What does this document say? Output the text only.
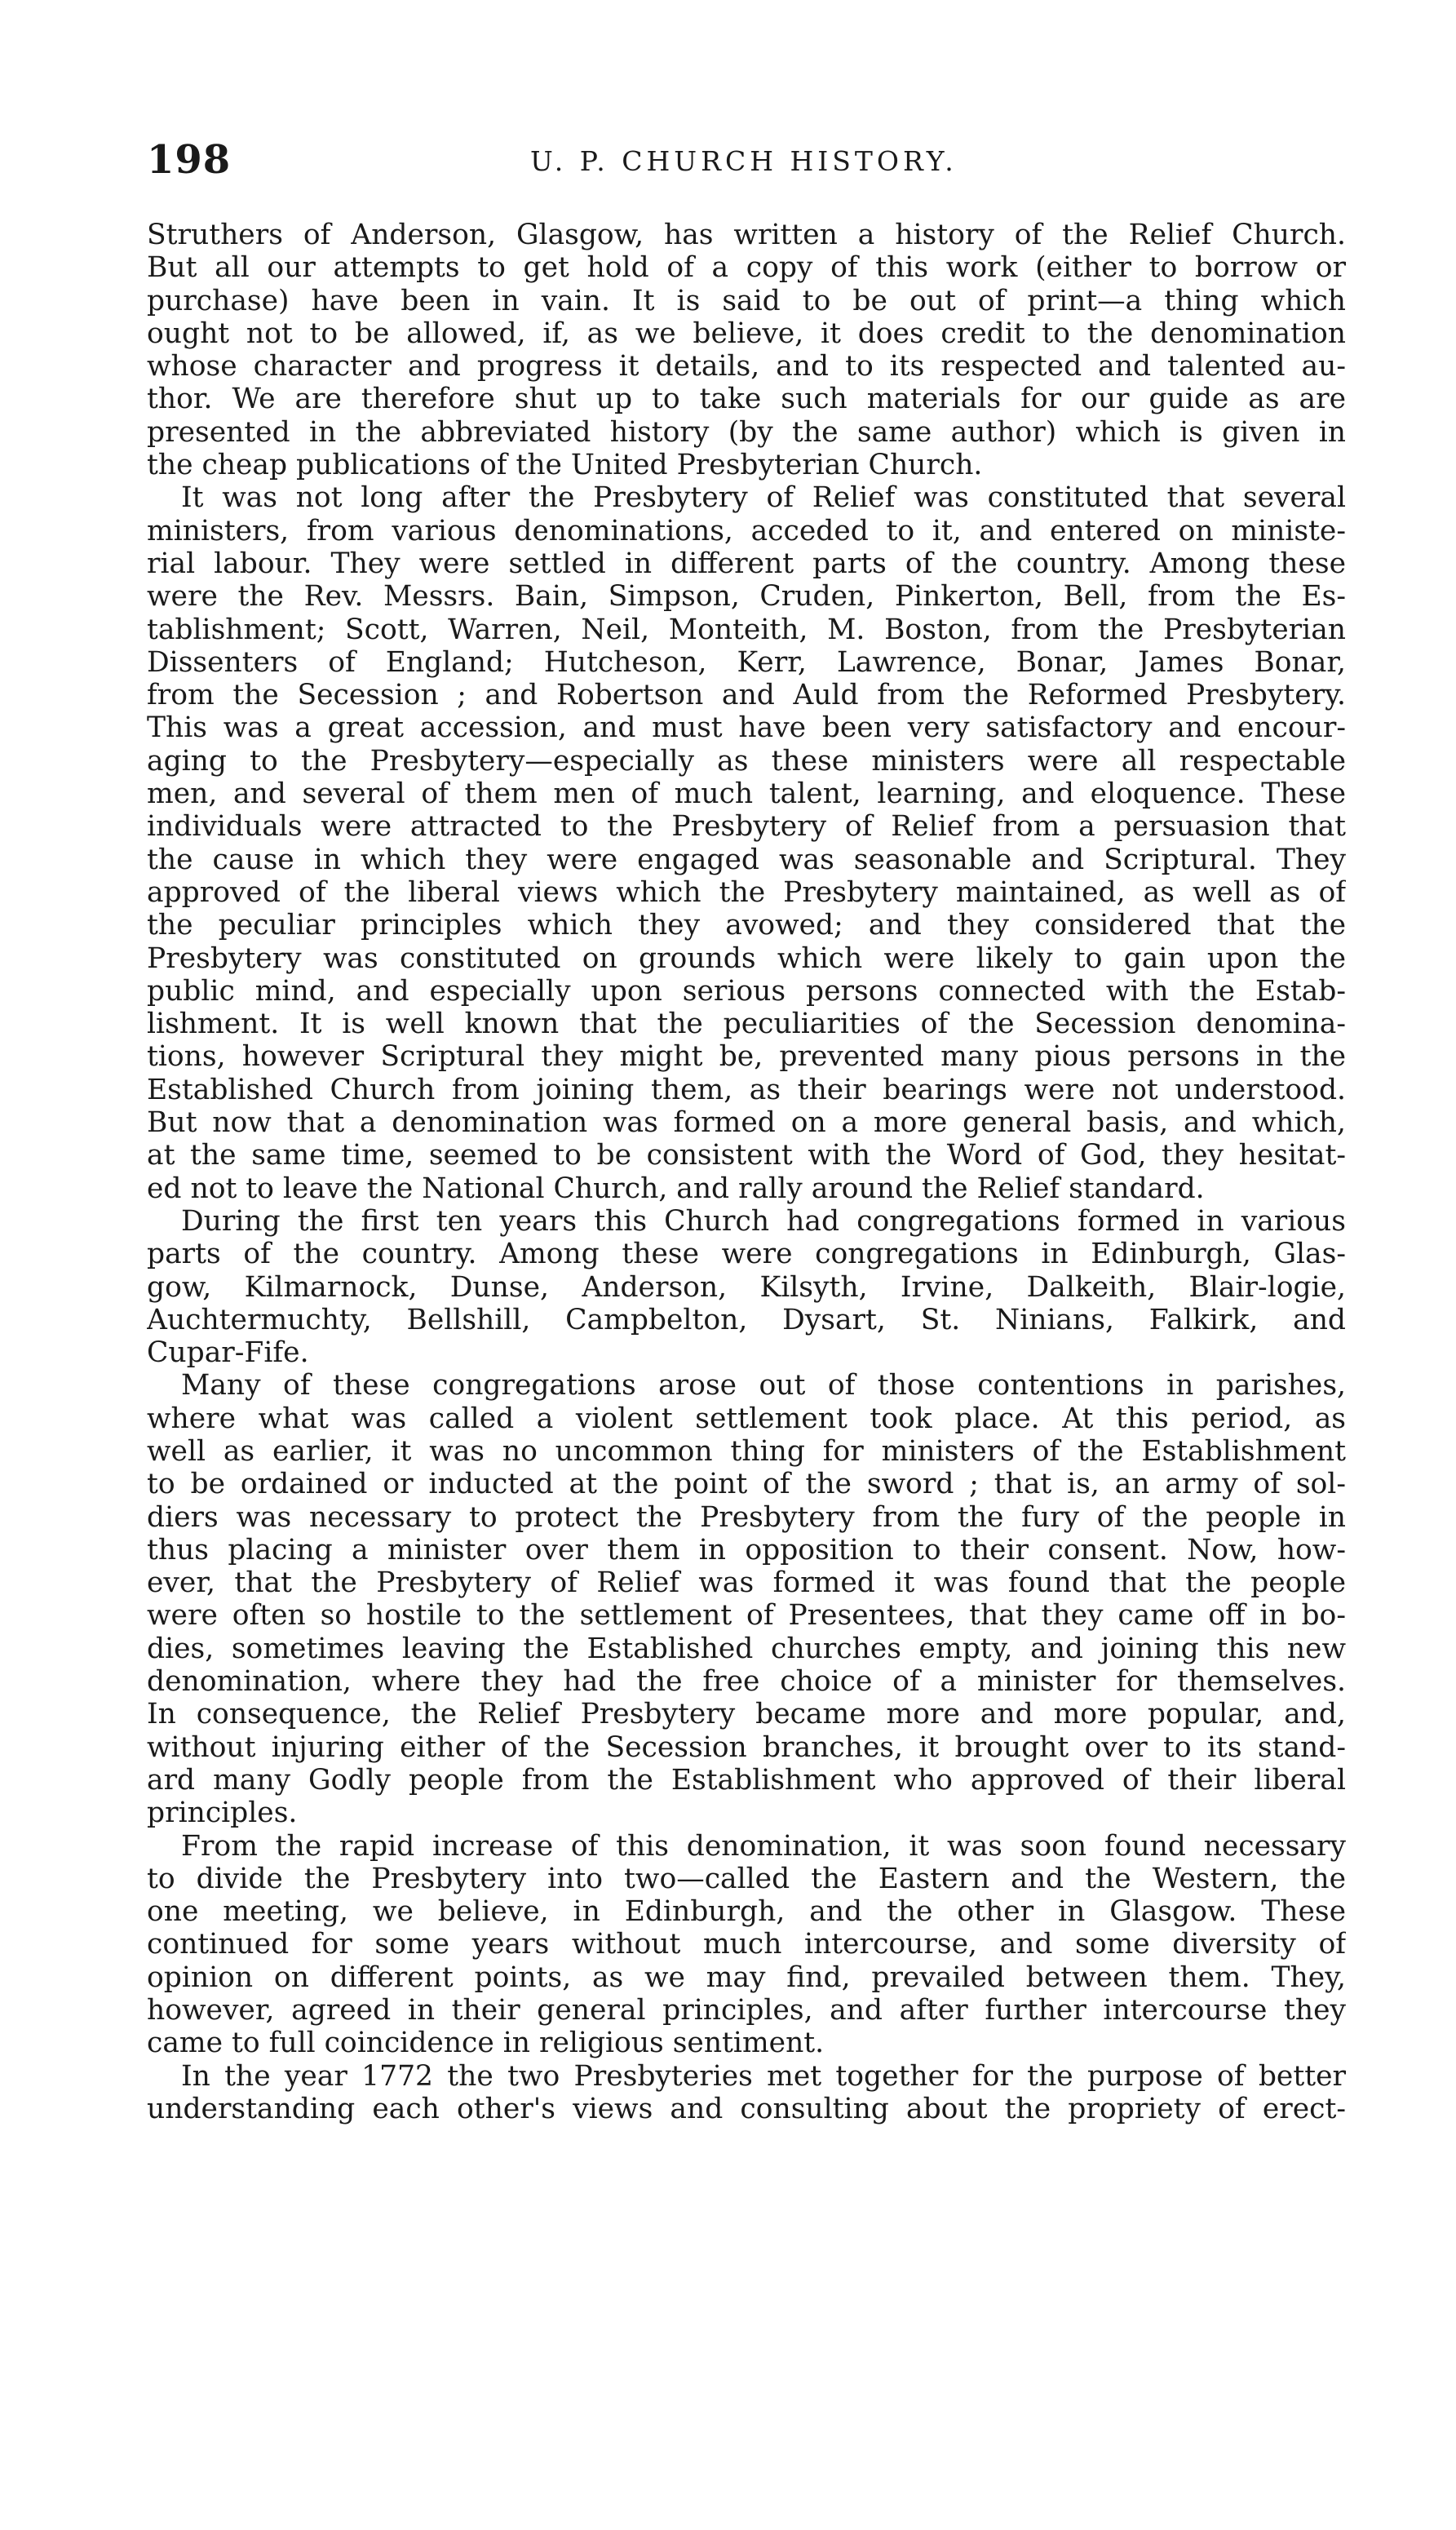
198	U. P. CHURCH HISTORY.
Struthers of Anderson, Glasgow, has written a history of the Relief Church.
But all our attempts to get hold of a copy of this work (either to borrow or
purchase) have been in vain. It is said to be out of print—a thing which
ought not to be allowed, if, as we believe, it does credit to the denomination
whose character and progress it details, and to its respected and talented au-
thor. We are therefore shut up to take such materials for our guide as are
presented in the abbreviated history (by the same author) which is given in
the cheap publications of the United Presbyterian Church.
It was not long after the Presbytery of Relief was constituted that several
ministers, from various denominations, acceded to it, and entered on ministe-
rial labour. They were settled in different parts of the country. Among these
were the Rev. Messrs. Bain, Simpson, Cruden, Pinkerton, Bell, from the Es-
tablishment; Scott, Warren, Neil, Monteith, M. Boston, from the Presbyterian
Dissenters of England; Hutcheson, Kerr, Lawrence, Bonar, James Bonar,
from the Secession ; and Robertson and Auld from the Reformed Presbytery.
This was a great accession, and must have been very satisfactory and encour-
aging to the Presbytery—especially as these ministers were all respectable
men, and several of them men of much talent, learning, and eloquence. These
individuals were attracted to the Presbytery of Relief from a persuasion that
the cause in which they were engaged was seasonable and Scriptural. They
approved of the liberal views which the Presbytery maintained, as well as of
the peculiar principles which they avowed; and they considered that the
Presbytery was constituted on grounds which were likely to gain upon the
public mind, and especially upon serious persons connected with the Estab-
lishment. It is well known that the peculiarities of the Secession denomina-
tions, however Scriptural they might be, prevented many pious persons in the
Established Church from joining them, as their bearings were not understood.
But now that a denomination was formed on a more general basis, and which,
at the same time, seemed to be consistent with the Word of God, they hesitat-
ed not to leave the National Church, and rally around the Relief standard.
During the first ten years this Church had congregations formed in various
parts of the country. Among these were congregations in Edinburgh, Glas-
gow, Kilmarnock, Dunse, Anderson, Kilsyth, Irvine, Dalkeith, Blair-logie,
Auchtermuchty, Bellshill, Campbelton, Dysart, St. Ninians, Falkirk, and
Cupar-Fife.
Many of these congregations arose out of those contentions in parishes,
where what was called a violent settlement took place. At this period, as
well as earlier, it was no uncommon thing for ministers of the Establishment
to be ordained or inducted at the point of the sword ; that is, an army of sol-
diers was necessary to protect the Presbytery from the fury of the people in
thus placing a minister over them in opposition to their consent. Now, how-
ever, that the Presbytery of Relief was formed it was found that the people
were often so hostile to the settlement of Presentees, that they came off in bo-
dies, sometimes leaving the Established churches empty, and joining this new
denomination, where they had the free choice of a minister for themselves.
In consequence, the Relief Presbytery became more and more popular, and,
without injuring either of the Secession branches, it brought over to its stand-
ard many Godly people from the Establishment who approved of their liberal
principles.
From the rapid increase of this denomination, it was soon found necessary
to divide the Presbytery into two—called the Eastern and the Western, the
one meeting, we believe, in Edinburgh, and the other in Glasgow. These
continued for some years without much intercourse, and some diversity of
opinion on different points, as we may find, prevailed between them. They,
however, agreed in their general principles, and after further intercourse they
came to full coincidence in religious sentiment.
In the year 1772 the two Presbyteries met together for the purpose of better
understanding each other's views and consulting about the propriety of erect-
